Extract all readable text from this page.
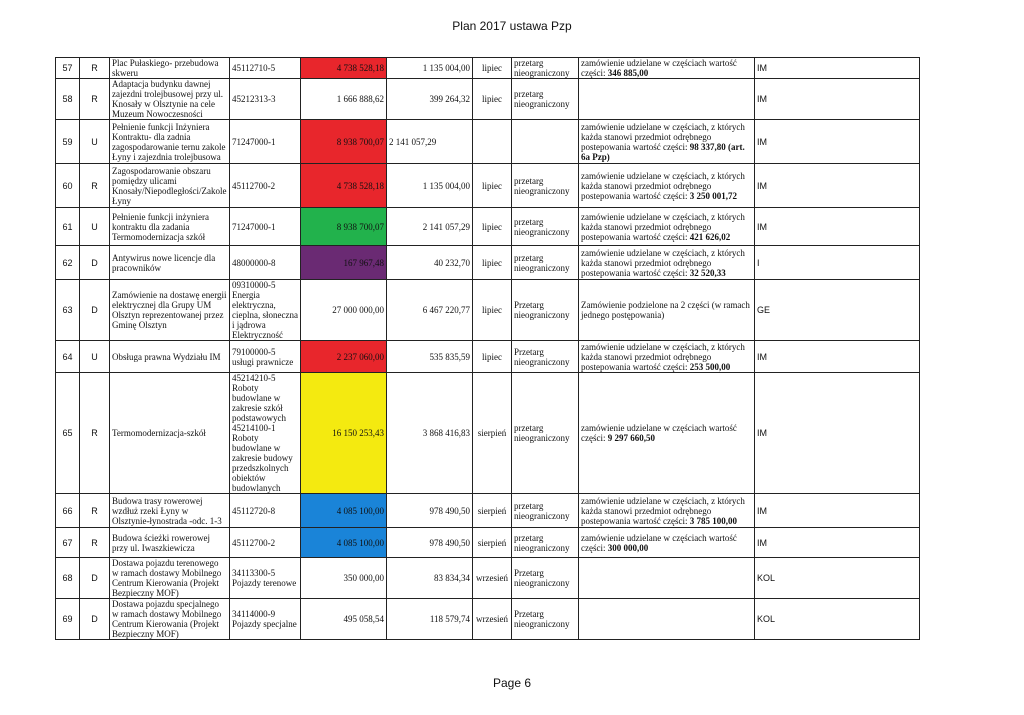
Plan 2017 ustawa Pzp
57	R	Plac Pułaskiego- przebudowa skweru	45112710-5	4 738 528,18	1 135 004,00	lipiec	przetarg nieograniczony	zamówienie udzielane w częściach wartość części: 346 885,00	IM
58	R	Adaptacja budynku dawnej zajezdni trolejbusowej przy ul. Knosały w Olsztynie na cele Muzeum Nowoczesności	45212313-3	1 666 888,62	399 264,32	lipiec	przetarg nieograniczony		IM
59	U	Pełnienie funkcji Inżyniera Kontraktu- dla zadnia zagospodarowanie ternu zakole Łyny i zajezdnia trolejbusowa	71247000-1	8 938 700,07	2 141 057,29			zamówienie udzielane w częściach, z których każda stanowi przedmiot odrębnego postepowania wartość części: 98 337,80 (art. 6a Pzp)	IM
60	R	Zagospodarowanie obszaru pomiędzy ulicami Knosały/Niepodległości/Zakole Łyny	45112700-2	4 738 528,18	1 135 004,00	lipiec	przetarg nieograniczony	zamówienie udzielane w częściach, z których każda stanowi przedmiot odrębnego postepowania wartość części: 3 250 001,72	IM
61	U	Pełnienie funkcji inżyniera kontraktu dla zadania Termomodernizacja szkół	71247000-1	8 938 700,07	2 141 057,29	lipiec	przetarg nieograniczony	zamówienie udzielane w częściach, z których każda stanowi przedmiot odrębnego postepowania wartość części: 421 626,02	IM
62	D	Antywirus nowe licencje dla pracowników	48000000-8	167 967,48	40 232,70	lipiec	przetarg nieograniczony	zamówienie udzielane w częściach, z których każda stanowi przedmiot odrębnego postepowania wartość części: 32 520,33	I
63	D	Zamówienie na dostawę energii elektrycznej dla Grupy UM Olsztyn reprezentowanej przez Gminę Olsztyn	09310000-5 Energia elektryczna, cieplna, słoneczna i jądrowa Elektryczność	27 000 000,00	6 467 220,77	lipiec	Przetarg nieograniczony	Zamówienie podzielone na 2 części (w ramach jednego postępowania)	GE
64	U	Obsługa prawna Wydziału IM	79100000-5 usługi prawnicze	2 237 060,00	535 835,59	lipiec	Przetarg nieograniczony	zamówienie udzielane w częściach, z których każda stanowi przedmiot odrębnego postepowania wartość części: 253 500,00	IM
65	R	Termomodernizacja-szkół	45214210-5 Roboty budowlane w zakresie szkół podstawowych 45214100-1 Roboty budowlane w zakresie budowy przedszkolnych obiektów budowlanych	16 150 253,43	3 868 416,83	sierpień	przetarg nieograniczony	zamówienie udzielane w częściach wartość części: 9 297 660,50	IM
66	R	Budowa trasy rowerowej wzdłuż rzeki Łyny w Olsztynie-łynostrada -odc. 1-3	45112720-8	4 085 100,00	978 490,50	sierpień	przetarg nieograniczony	zamówienie udzielane w częściach, z których każda stanowi przedmiot odrębnego postepowania wartość części: 3 785 100,00	IM
67	R	Budowa ścieżki rowerowej przy ul. Iwaszkiewicza	45112700-2	4 085 100,00	978 490,50	sierpień	przetarg nieograniczony	zamówienie udzielane w częściach wartość części: 300 000,00	IM
68	D	Dostawa pojazdu terenowego w ramach dostawy Mobilnego Centrum Kierowania (Projekt Bezpieczny MOF)	34113300-5 Pojazdy terenowe	350 000,00	83 834,34	wrzesień	Przetarg nieograniczony		KOL
69	D	Dostawa pojazdu specjalnego w ramach dostawy Mobilnego Centrum Kierowania (Projekt Bezpieczny MOF)	34114000-9 Pojazdy specjalne	495 058,54	118 579,74	wrzesień	Przetarg nieograniczony		KOL
Page 6
